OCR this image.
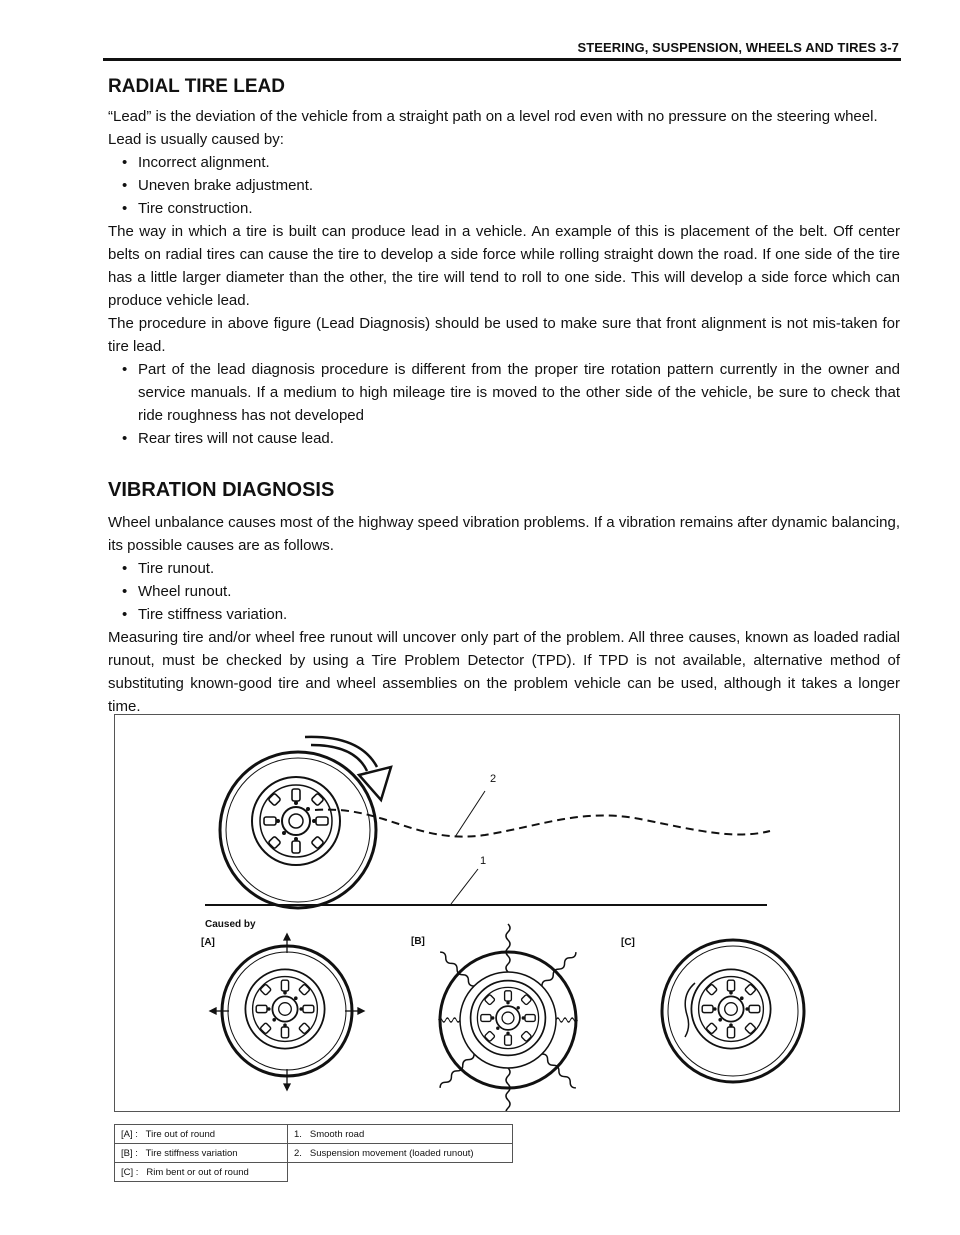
STEERING, SUSPENSION, WHEELS AND TIRES 3-7
RADIAL TIRE LEAD

“Lead” is the deviation of the vehicle from a straight path on a level rod even with no pressure on the steering wheel.

Lead is usually caused by:

• Incorrect alignment.
• Uneven brake adjustment.
• Tire construction.

The way in which a tire is built can produce lead in a vehicle. An example of this is placement of the belt. Off center belts on radial tires can cause the tire to develop a side force while rolling straight down the road. If one side of the tire has a little larger diameter than the other, the tire will tend to roll to one side. This will develop a side force which can produce vehicle lead.

The procedure in above figure (Lead Diagnosis) should be used to make sure that front alignment is not mis-taken for tire lead.

• Part of the lead diagnosis procedure is different from the proper tire rotation pattern currently in the owner and service manuals. If a medium to high mileage tire is moved to the other side of the vehicle, be sure to check that ride roughness has not developed
• Rear tires will not cause lead.
VIBRATION DIAGNOSIS

Wheel unbalance causes most of the highway speed vibration problems. If a vibration remains after dynamic balancing, its possible causes are as follows.

• Tire runout.
• Wheel runout.
• Tire stiffness variation.

Measuring tire and/or wheel free runout will uncover only part of the problem. All three causes, known as loaded radial runout, must be checked by using a Tire Problem Detector (TPD). If TPD is not available, alternative method of substituting known-good tire and wheel assemblies on the problem vehicle can be used, although it takes a longer time.

2
1
Caused by
[A]	[B]	[C]
[A] : Tire out of round	1. Smooth road
[B] : Tire stiffness variation	2. Suspension movement (loaded runout)
[C] : Rim bent or out of round	
